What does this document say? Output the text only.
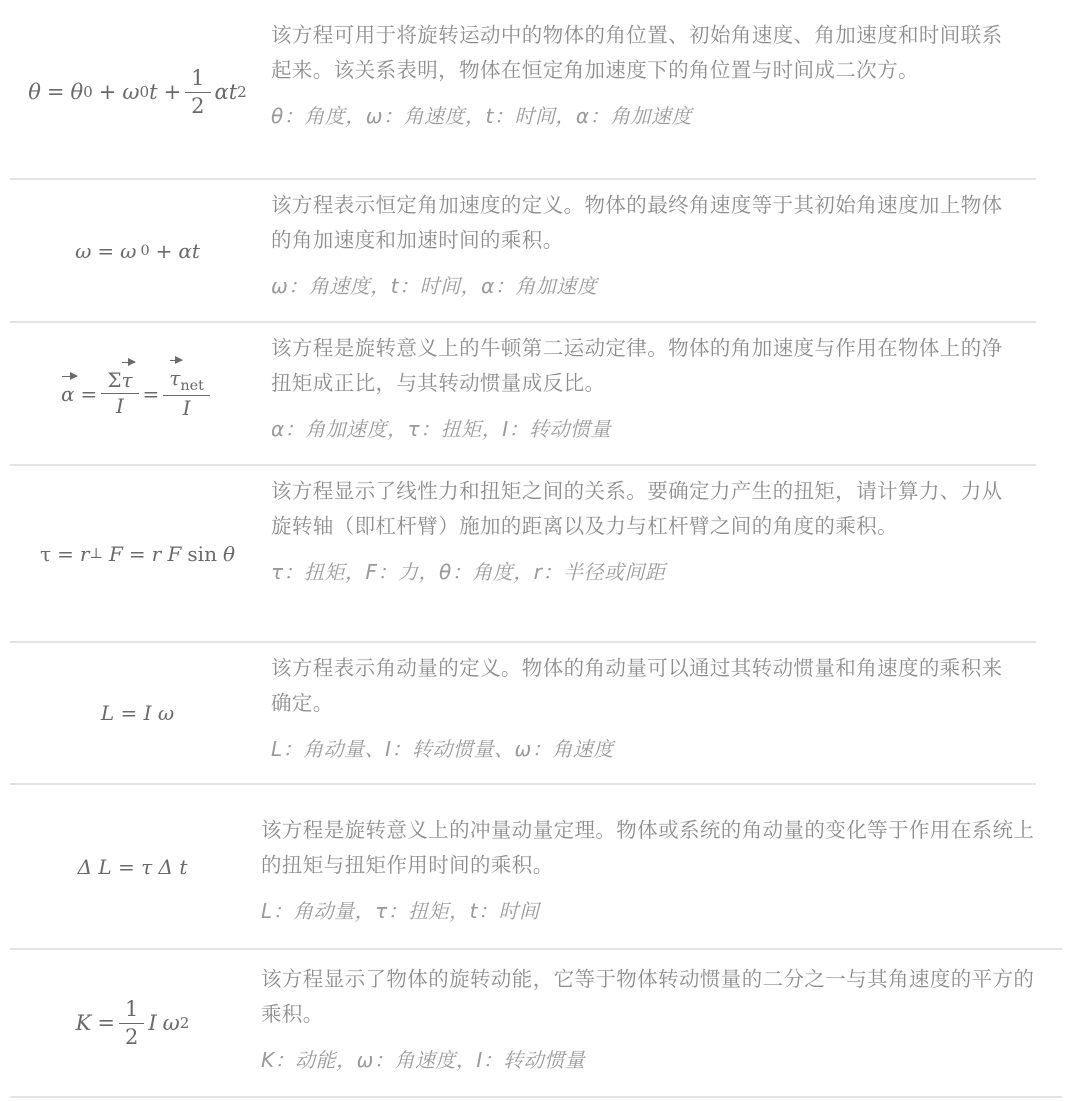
θ = θ 0 + ω 0 $t + \frac{1}{2}$ αt 2

该方程可用于将旋转运动中的物体的角位置、初始角速度、角加速度和时间联系起来。该关系表明，物体在恒定角加速度下的角位置与时间成二次方。

θ：角度，ω：角速度，t：时间，α：角加速度

ω = ω 0 + αt

该方程表示恒定角加速度的定义。物体的最终角速度等于其初始角速度加上物体的角加速度和加速时间的乘积。

ω：角速度，t：时间，α：角加速度

$\alpha = \frac{\Sigma\tau}{I} = \frac{\tau_{net}}{I}$

该方程是旋转意义上的牛顿第二运动定律。物体的角加速度与作用在物体上的净扭矩成正比，与其转动惯量成反比。

α：角加速度，τ：扭矩，I：转动惯量

τ = r ⊥ F = r F sin θ

该方程显示了线性力和扭矩之间的关系。要确定力产生的扭矩，请计算力、力从旋转轴（即杠杆臂）施加的距离以及力与杠杆臂之间的角度的乘积。

τ：扭矩，F：力，θ：角度，r：半径或间距

L = I ω

该方程表示角动量的定义。物体的角动量可以通过其转动惯量和角速度的乘积来确定。

L：角动量、I：转动惯量、ω：角速度

Δ L = τ Δ t

该方程是旋转意义上的冲量动量定理。物体或系统的角动量的变化等于作用在系统上的扭矩与扭矩作用时间的乘积。

L：角动量，τ：扭矩，t：时间

$K = \frac{1}{2}$ I ω 2

该方程显示了物体的旋转动能，它等于物体转动惯量的二分之一与其角速度的平方的乘积。

K：动能，ω：角速度，I：转动惯量
